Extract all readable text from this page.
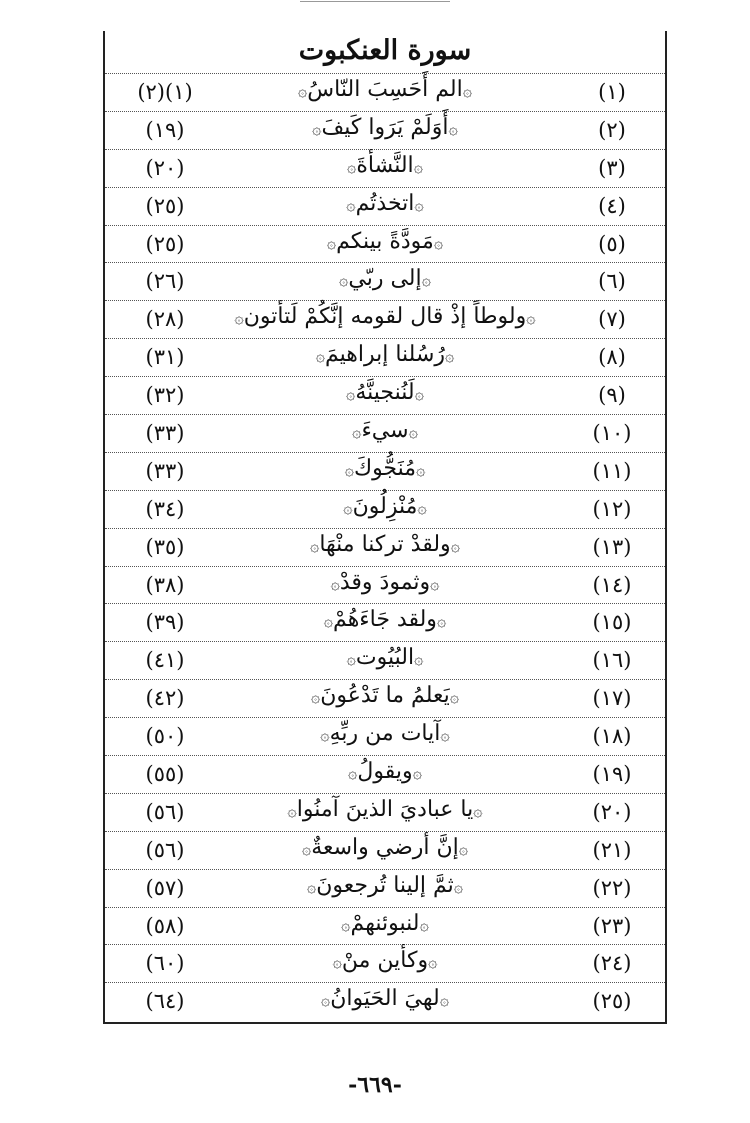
سورة العنكبوت
(١)
۞الم أَحَسِبَ النّاسُ۞
(١)(٢)
(٢)
۞أَوَلَمْ يَرَوا كَيفَ۞
(١٩)
(٣)
۞النَّشأةَ۞
(٢٠)
(٤)
۞اتخذتُم۞
(٢٥)
(٥)
۞مَودَّةً بينكم۞
(٢٥)
(٦)
۞إلى ربّي۞
(٢٦)
(٧)
۞ولوطاً إذْ قال لقومه إنَّكُمْ لَتأتون۞
(٢٨)
(٨)
۞رُسُلنا إبراهيمَ۞
(٣١)
(٩)
۞لَنُنجينَّهُ۞
(٣٢)
(١٠)
۞سيءَ۞
(٣٣)
(١١)
۞مُنَجُّوكَ۞
(٣٣)
(١٢)
۞مُنْزِلُونَ۞
(٣٤)
(١٣)
۞ولقدْ تركنا منْهَا۞
(٣٥)
(١٤)
۞وثمودَ وقدْ۞
(٣٨)
(١٥)
۞ولقد جَاءَهُمْ۞
(٣٩)
(١٦)
۞البُيُوت۞
(٤١)
(١٧)
۞يَعلمُ ما تَدْعُونَ۞
(٤٢)
(١٨)
۞آيات من ربِّهِ۞
(٥٠)
(١٩)
۞ويقولُ۞
(٥٥)
(٢٠)
۞يا عباديَ الذينَ آمنُوا۞
(٥٦)
(٢١)
۞إنَّ أرضي واسعةٌ۞
(٥٦)
(٢٢)
۞ثمَّ إلينا تُرجعونَ۞
(٥٧)
(٢٣)
۞لنبوئنهمْ۞
(٥٨)
(٢٤)
۞وكأين منْ۞
(٦٠)
(٢٥)
۞لهيَ الحَيَوانُ۞
(٦٤)
-٦٦٩-
